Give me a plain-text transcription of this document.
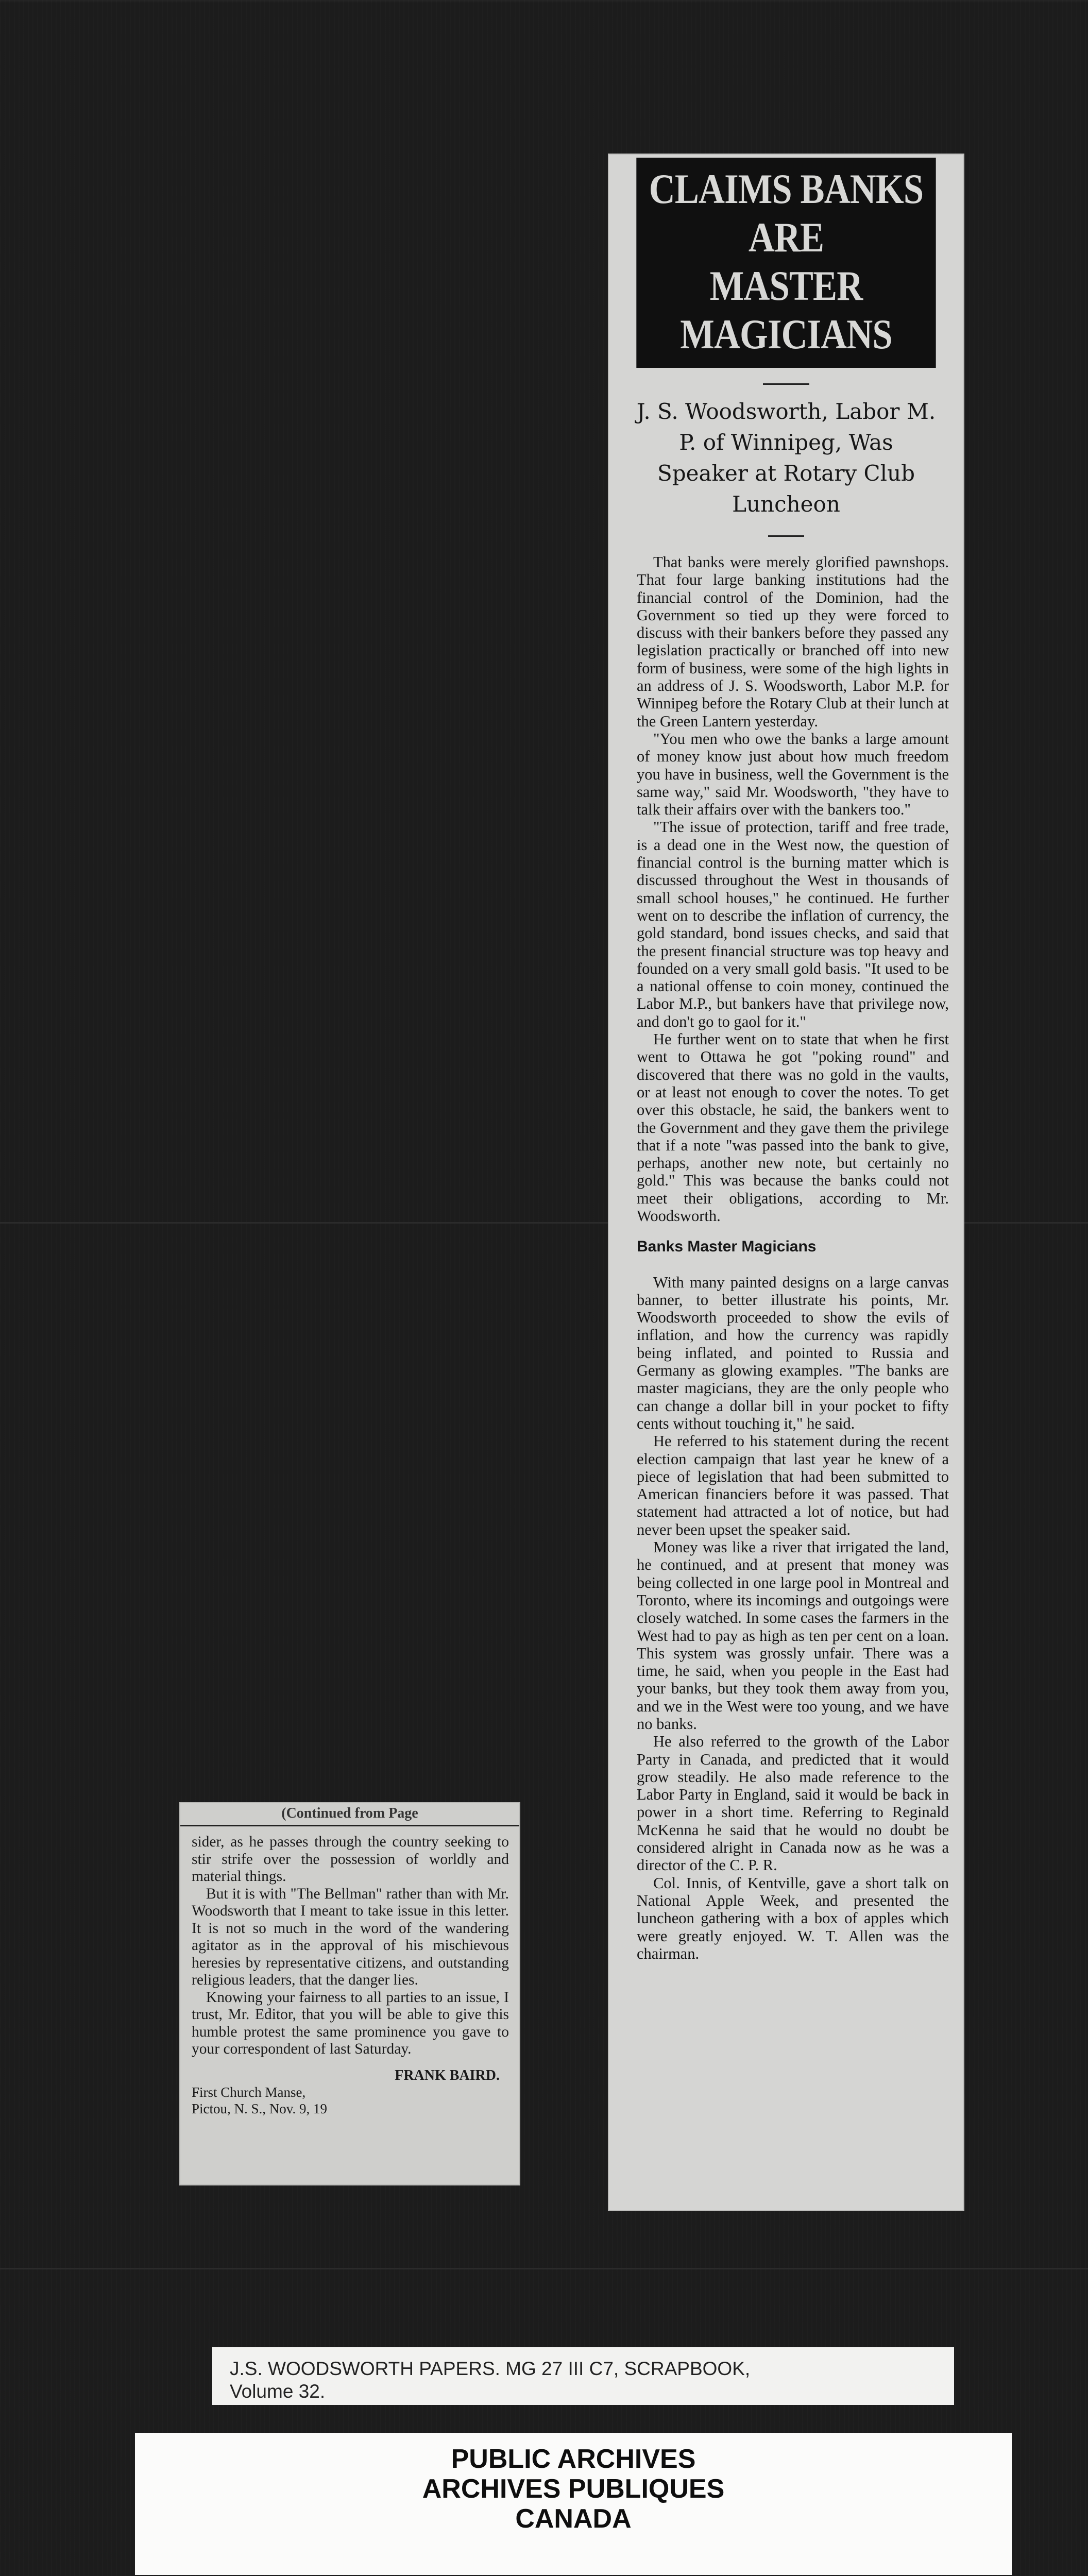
CLAIMS BANKS ARE
MASTER MAGICIANS
J. S. Woodsworth, Labor M.
P. of Winnipeg, Was
Speaker at Rotary Club
Luncheon

That banks were merely glorified pawnshops. That four large banking institutions had the financial control of the Dominion, had the Government so tied up they were forced to discuss with their bankers before they passed any legislation practically or branched off into new form of business, were some of the high lights in an address of J. S. Woodsworth, Labor M.P. for Winnipeg before the Rotary Club at their lunch at the Green Lantern yesterday.

"You men who owe the banks a large amount of money know just about how much freedom you have in business, well the Government is the same way," said Mr. Woodsworth, "they have to talk their affairs over with the bankers too."

"The issue of protection, tariff and free trade, is a dead one in the West now, the question of financial control is the burning matter which is discussed throughout the West in thousands of small school houses," he continued. He further went on to describe the inflation of currency, the gold standard, bond issues checks, and said that the present financial structure was top heavy and founded on a very small gold basis. "It used to be a national offense to coin money, continued the Labor M.P., but bankers have that privilege now, and don't go to gaol for it."

He further went on to state that when he first went to Ottawa he got "poking round" and discovered that there was no gold in the vaults, or at least not enough to cover the notes. To get over this obstacle, he said, the bankers went to the Government and they gave them the privilege that if a note "was passed into the bank to give, perhaps, another new note, but certainly no gold." This was because the banks could not meet their obligations, according to Mr. Woodsworth.

Banks Master Magicians

With many painted designs on a large canvas banner, to better illustrate his points, Mr. Woodsworth proceeded to show the evils of inflation, and how the currency was rapidly being inflated, and pointed to Russia and Germany as glowing examples. "The banks are master magicians, they are the only people who can change a dollar bill in your pocket to fifty cents without touching it," he said.

He referred to his statement during the recent election campaign that last year he knew of a piece of legislation that had been submitted to American financiers before it was passed. That statement had attracted a lot of notice, but had never been upset the speaker said.

Money was like a river that irrigated the land, he continued, and at present that money was being collected in one large pool in Montreal and Toronto, where its incomings and outgoings were closely watched. In some cases the farmers in the West had to pay as high as ten per cent on a loan. This system was grossly unfair. There was a time, he said, when you people in the East had your banks, but they took them away from you, and we in the West were too young, and we have no banks.

He also referred to the growth of the Labor Party in Canada, and predicted that it would grow steadily. He also made reference to the Labor Party in England, said it would be back in power in a short time. Referring to Reginald McKenna he said that he would no doubt be considered alright in Canada now as he was a director of the C. P. R.

Col. Innis, of Kentville, gave a short talk on National Apple Week, and presented the luncheon gathering with a box of apples which were greatly enjoyed. W. T. Allen was the chairman.

(Continued from Page

sider, as he passes through the country seeking to stir strife over the possession of worldly and material things.

But it is with "The Bellman" rather than with Mr. Woodsworth that I meant to take issue in this letter. It is not so much in the word of the wandering agitator as in the approval of his mischievous heresies by representative citizens, and outstanding religious leaders, that the danger lies.

Knowing your fairness to all parties to an issue, I trust, Mr. Editor, that you will be able to give this humble protest the same prominence you gave to your correspondent of last Saturday.

FRANK BAIRD.
First Church Manse,
Pictou, N. S., Nov. 9, 19
J.S. WOODSWORTH PAPERS. MG 27 III C7, SCRAPBOOK,
Volume 32.
PUBLIC ARCHIVES
ARCHIVES PUBLIQUES
CANADA
